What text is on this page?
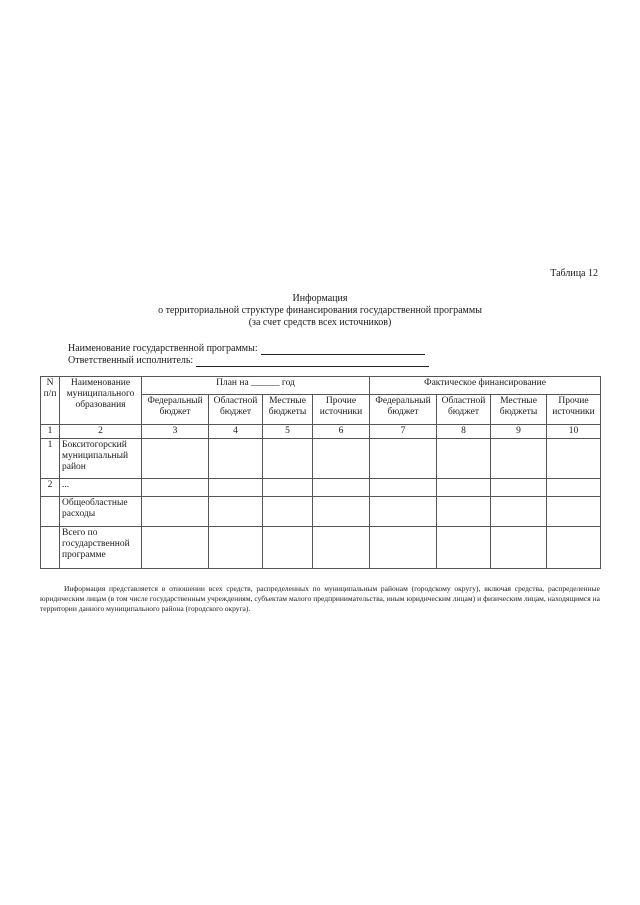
Таблица 12
Информация
о территориальной структуре финансирования государственной программы
(за счет средств всех источников)
Наименование государственной программы:
Ответственный исполнитель:
N п/п	Наименование муниципального образования	План на ______ год				Фактическое финансирование			
		Федеральный бюджет	Областной бюджет	Местные бюджеты	Прочие источники	Федеральный бюджет	Областной бюджет	Местные бюджеты	Прочие источники
1	2	3	4	5	6	7	8	9	10
1	Бокситогорский муниципальный район								
2	...								
	Общеобластные расходы								
	Всего по государственной программе								
Информация представляется в отношении всех средств, распределенных по муниципальным районам (городскому округу), включая средства, распределенные юридическим лицам (в том числе государственным учреждениям, субъектам малого предпринимательства, иным юридическим лицам) и физическим лицам, находящимся на территории данного муниципального района (городского округа).
